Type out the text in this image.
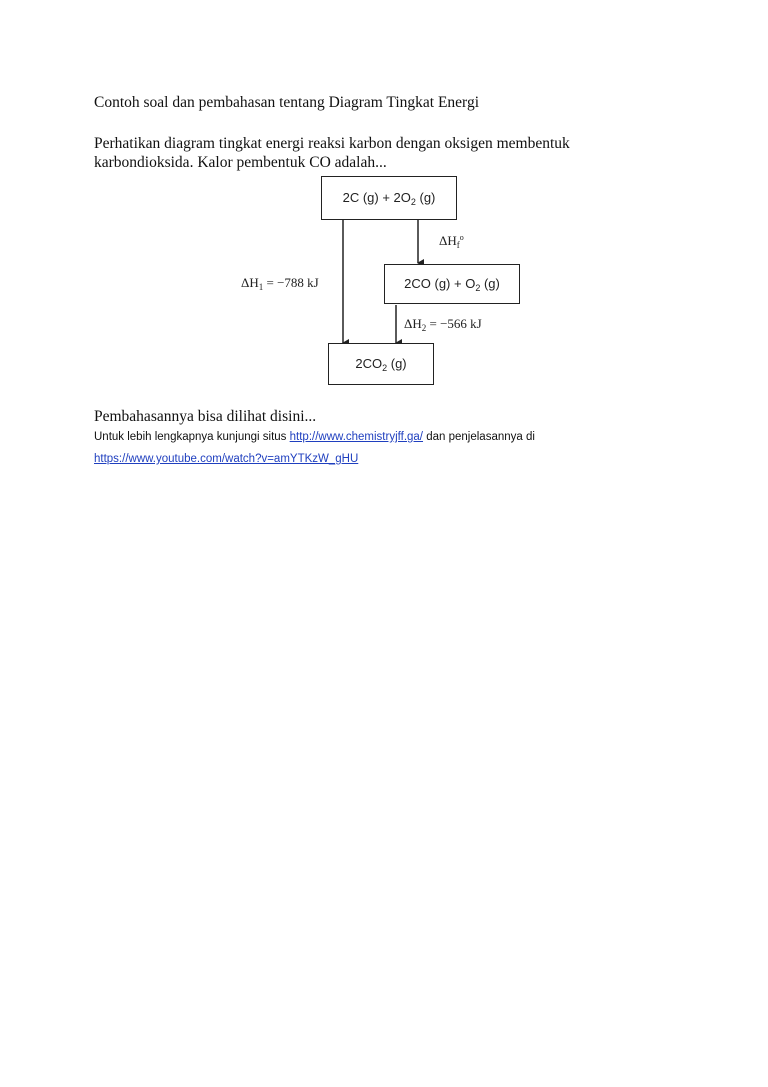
Contoh soal dan pembahasan tentang Diagram Tingkat Energi
Perhatikan diagram tingkat energi reaksi karbon dengan oksigen membentuk
karbondioksida. Kalor pembentuk CO adalah...
2C $(g) + 2O_2$ (g)
2CO $(g) + O_2$ (g)
$2CO_2$ (g)
$\Delta H_1 = -788$ kJ
$\Delta H_f^o$
$\Delta H_2 = -566$ kJ
Pembahasannya bisa dilihat disini...
Untuk lebih lengkapnya kunjungi situs http://www.chemistryjff.ga/ dan penjelasannya di
https://www.youtube.com/watch?v=amYTKzW_gHU
